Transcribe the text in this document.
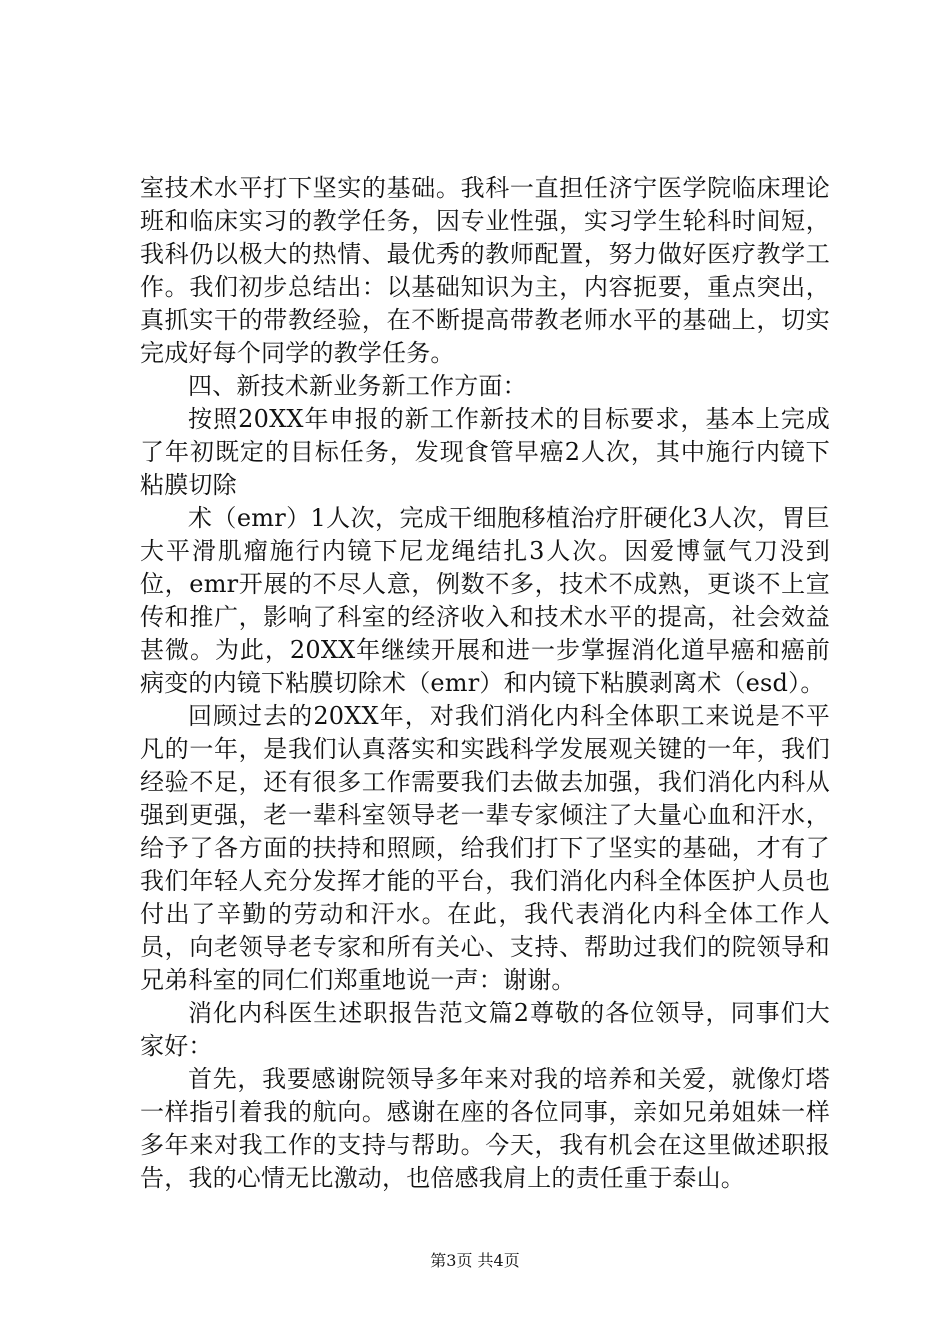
室技术水平打下坚实的基础。我科一直担任济宁医学院临床理论班和临床实习的教学任务，因专业性强，实习学生轮科时间短，我科仍以极大的热情、最优秀的教师配置，努力做好医疗教学工作。我们初步总结出：以基础知识为主，内容扼要，重点突出，真抓实干的带教经验，在不断提高带教老师水平的基础上，切实完成好每个同学的教学任务。

四、新技术新业务新工作方面：

按照20XX年申报的新工作新技术的目标要求，基本上完成了年初既定的目标任务，发现食管早癌2人次，其中施行内镜下粘膜切除

术（emr）1人次，完成干细胞移植治疗肝硬化3人次，胃巨大平滑肌瘤施行内镜下尼龙绳结扎3人次。因爱博氩气刀没到位，emr开展的不尽人意，例数不多，技术不成熟，更谈不上宣传和推广，影响了科室的经济收入和技术水平的提高，社会效益甚微。为此，20XX年继续开展和进一步掌握消化道早癌和癌前病变的内镜下粘膜切除术（emr）和内镜下粘膜剥离术（esd）。

回顾过去的20XX年，对我们消化内科全体职工来说是不平凡的一年，是我们认真落实和实践科学发展观关键的一年，我们经验不足，还有很多工作需要我们去做去加强，我们消化内科从强到更强，老一辈科室领导老一辈专家倾注了大量心血和汗水，给予了各方面的扶持和照顾，给我们打下了坚实的基础，才有了我们年轻人充分发挥才能的平台，我们消化内科全体医护人员也付出了辛勤的劳动和汗水。在此，我代表消化内科全体工作人员，向老领导老专家和所有关心、支持、帮助过我们的院领导和兄弟科室的同仁们郑重地说一声：谢谢。

消化内科医生述职报告范文篇2尊敬的各位领导，同事们大家好：

首先，我要感谢院领导多年来对我的培养和关爱，就像灯塔一样指引着我的航向。感谢在座的各位同事，亲如兄弟姐妹一样多年来对我工作的支持与帮助。今天，我有机会在这里做述职报告，我的心情无比激动，也倍感我肩上的责任重于泰山。

第3页 共4页
